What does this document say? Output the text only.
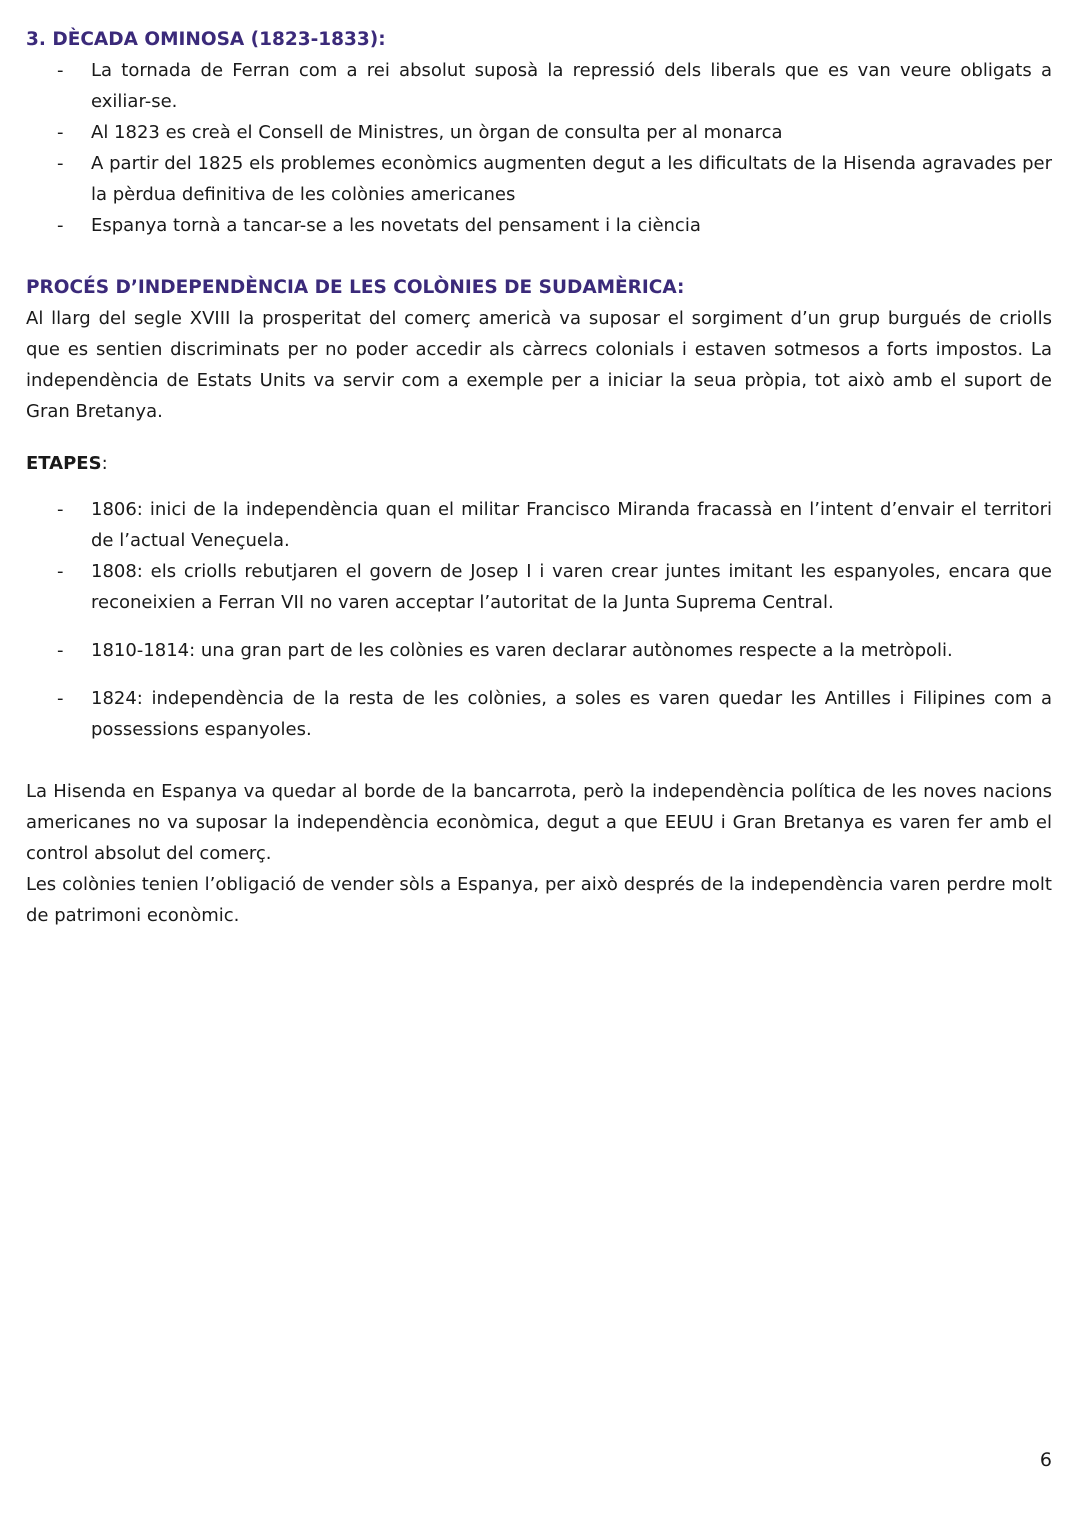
3. DÈCADA OMINOSA (1823-1833):
- La tornada de Ferran com a rei absolut suposà la repressió dels liberals que es van veure obligats a exiliar-se.
- Al 1823 es creà el Consell de Ministres, un òrgan de consulta per al monarca
- A partir del 1825 els problemes econòmics augmenten degut a les dificultats de la Hisenda agravades per la pèrdua definitiva de les colònies americanes
- Espanya tornà a tancar-se a les novetats del pensament i la ciència
PROCÉS D’INDEPENDÈNCIA DE LES COLÒNIES DE SUDAMÈRICA:

Al llarg del segle XVIII la prosperitat del comerç americà va suposar el sorgiment d’un grup burgués de criolls que es sentien discriminats per no poder accedir als càrrecs colonials i estaven sotmesos a forts impostos. La independència de Estats Units va servir com a exemple per a iniciar la seua pròpia, tot això amb el suport de Gran Bretanya.

ETAPES:

- 1806: inici de la independència quan el militar Francisco Miranda fracassà en l’intent d’envair el territori de l’actual Veneçuela.
- 1808: els criolls rebutjaren el govern de Josep I i varen crear juntes imitant les espanyoles, encara que reconeixien a Ferran VII no varen acceptar l’autoritat de la Junta Suprema Central.
- 1810-1814: una gran part de les colònies es varen declarar autònomes respecte a la metròpoli.
- 1824: independència de la resta de les colònies, a soles es varen quedar les Antilles i Filipines com a possessions espanyoles.

La Hisenda en Espanya va quedar al borde de la bancarrota, però la independència política de les noves nacions americanes no va suposar la independència econòmica, degut a que EEUU i Gran Bretanya es varen fer amb el control absolut del comerç.

Les colònies tenien l’obligació de vender sòls a Espanya, per això després de la independència varen perdre molt de patrimoni econòmic.

6
